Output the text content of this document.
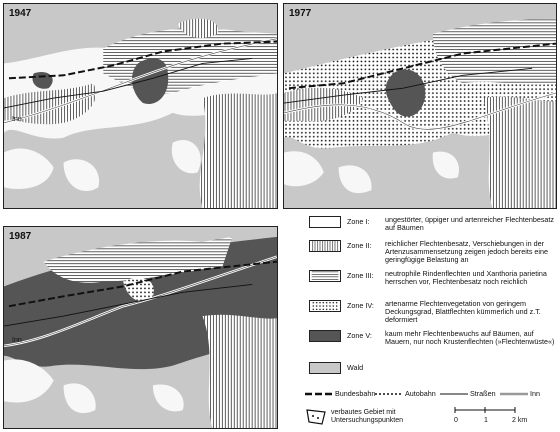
1947
Inn
1977
1987
Inn
Zone I: ungestörter, üppiger und artenreicher Flechtenbesatz auf Bäumen
Zone II: reichlicher Flechtenbesatz, Verschiebungen in der Artenzusammensetzung zeigen jedoch bereits eine geringfügige Belastung an
Zone III: neutrophile Rindenflechten und Xanthoria parietina herrschen vor, Flechtenbesatz noch reichlich
Zone IV: artenarme Flechtenvegetation von geringem Deckungsgrad, Blattflechten kümmerlich und z.T. deformiert
Zone V: kaum mehr Flechtenbewuchs auf Bäumen, auf Mauern, nur noch Krustenflechten (»Flechtenwüste«)
Wald
Bundesbahn	Autobahn	Straßen	Inn
verbautes Gebiet mit Untersuchungspunkten	0	1	2 km
